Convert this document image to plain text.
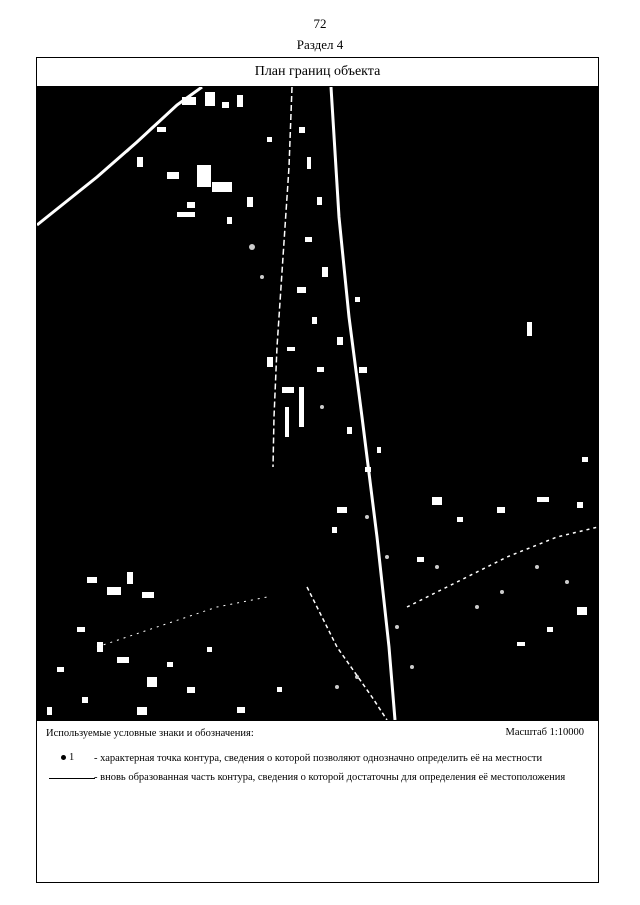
72
Раздел 4
План границ объекта
Используемые условные знаки и обозначения:	Масштаб 1:10000
1 - характерная точка контура, сведения о которой позволяют однозначно определить её на местности
- вновь образованная часть контура, сведения о которой достаточны для определения её местоположения
